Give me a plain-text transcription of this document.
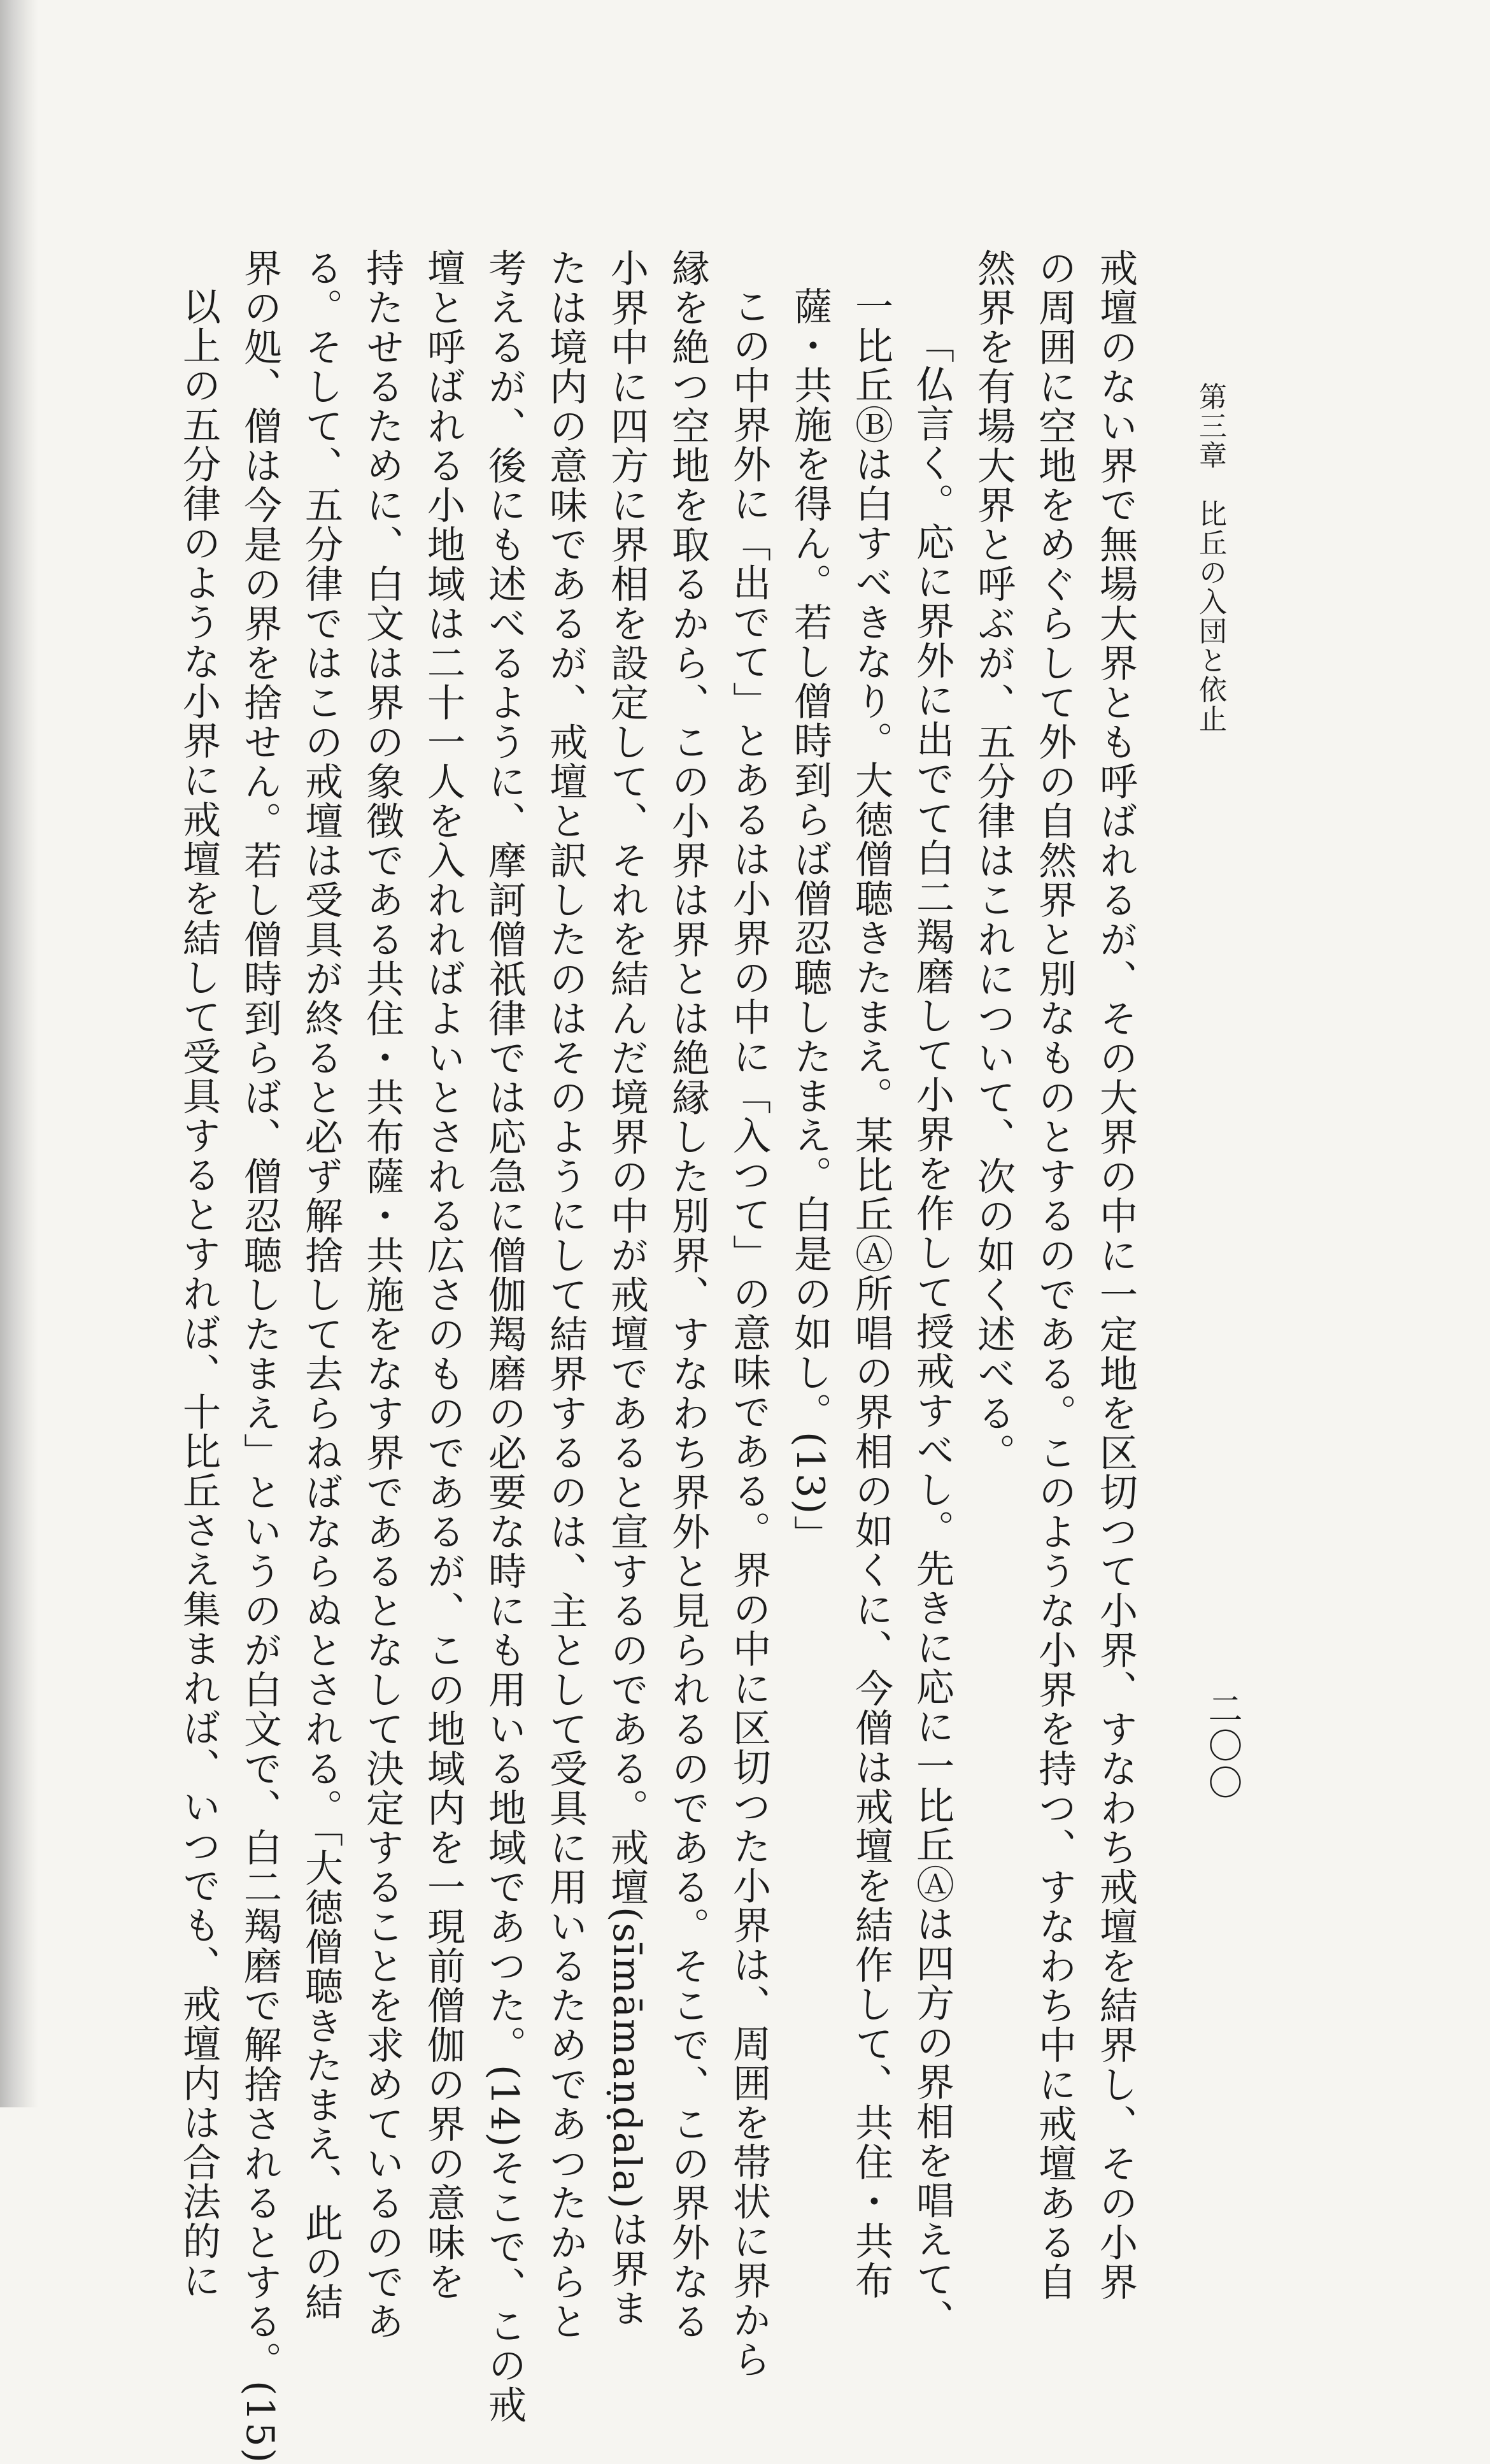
第三章　比丘の入団と依止
二〇〇
戒壇のない界で無場大界とも呼ばれるが、その大界の中に一定地を区切つて小界、すなわち戒壇を結界し、その小界
の周囲に空地をめぐらして外の自然界と別なものとするのである。このような小界を持つ、すなわち中に戒壇ある自
然界を有場大界と呼ぶが、五分律はこれについて、次の如く述べる。
「仏言く。応に界外に出でて白二羯磨して小界を作して授戒すべし。先きに応に一比丘Ⓐは四方の界相を唱えて、
一比丘Ⓑは白すべきなり。大徳僧聴きたまえ。某比丘Ⓐ所唱の界相の如くに、今僧は戒壇を結作して、共住・共布
薩・共施を得ん。若し僧時到らば僧忍聴したまえ。白是の如し。(13)」
この中界外に「出でて」とあるは小界の中に「入つて」の意味である。界の中に区切つた小界は、周囲を帯状に界から
縁を絶つ空地を取るから、この小界は界とは絶縁した別界、すなわち界外と見られるのである。そこで、この界外なる
小界中に四方に界相を設定して、それを結んだ境界の中が戒壇であると宣するのである。戒壇(sīmāmaṇḍala)は界ま
たは境内の意味であるが、戒壇と訳したのはそのようにして結界するのは、主として受具に用いるためであつたからと
考えるが、後にも述べるように、摩訶僧祇律では応急に僧伽羯磨の必要な時にも用いる地域であつた。(14)そこで、この戒
壇と呼ばれる小地域は二十一人を入れればよいとされる広さのものであるが、この地域内を一現前僧伽の界の意味を
持たせるために、白文は界の象徴である共住・共布薩・共施をなす界であるとなして決定することを求めているのであ
る。そして、五分律ではこの戒壇は受具が終ると必ず解捨して去らねばならぬとされる。「大徳僧聴きたまえ、此の結
界の処、僧は今是の界を捨せん。若し僧時到らば、僧忍聴したまえ」というのが白文で、白二羯磨で解捨されるとする。(15)
以上の五分律のような小界に戒壇を結して受具するとすれば、十比丘さえ集まれば、いつでも、戒壇内は合法的に
